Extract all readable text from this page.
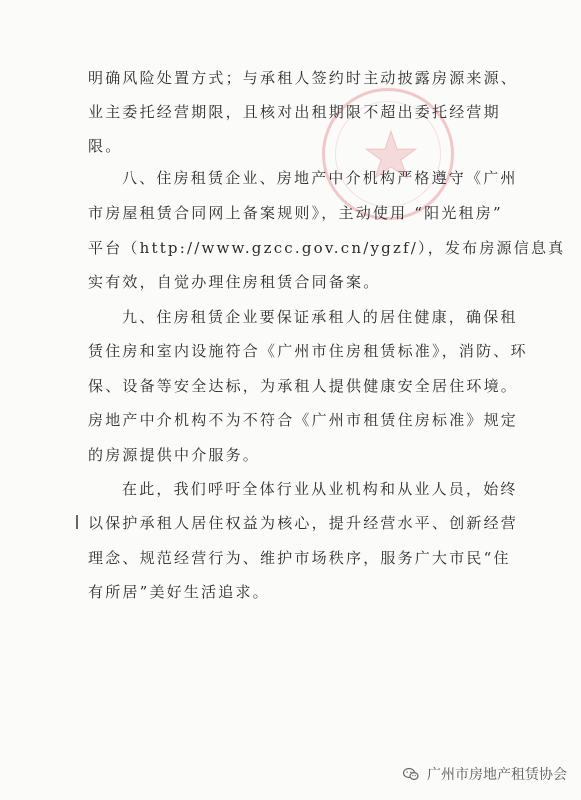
明确风险处置方式；与承租人签约时主动披露房源来源、
业主委托经营期限，且核对出租期限不超出委托经营期
限。
八、住房租赁企业、房地产中介机构严格遵守《广州
市房屋租赁合同网上备案规则》，主动使用 “阳光租房”
平台（http://www.gzcc.gov.cn/ygzf/），发布房源信息真
实有效，自觉办理住房租赁合同备案。
九、住房租赁企业要保证承租人的居住健康，确保租
赁住房和室内设施符合《广州市住房租赁标准》，消防、环
保、设备等安全达标，为承租人提供健康安全居住环境。
房地产中介机构不为不符合《广州市租赁住房标准》规定
的房源提供中介服务。
在此，我们呼吁全体行业从业机构和从业人员，始终
以保护承租人居住权益为核心，提升经营水平、创新经营
理念、规范经营行为、维护市场秩序，服务广大市民“住
有所居”美好生活追求。
广州市房地产租赁协会
